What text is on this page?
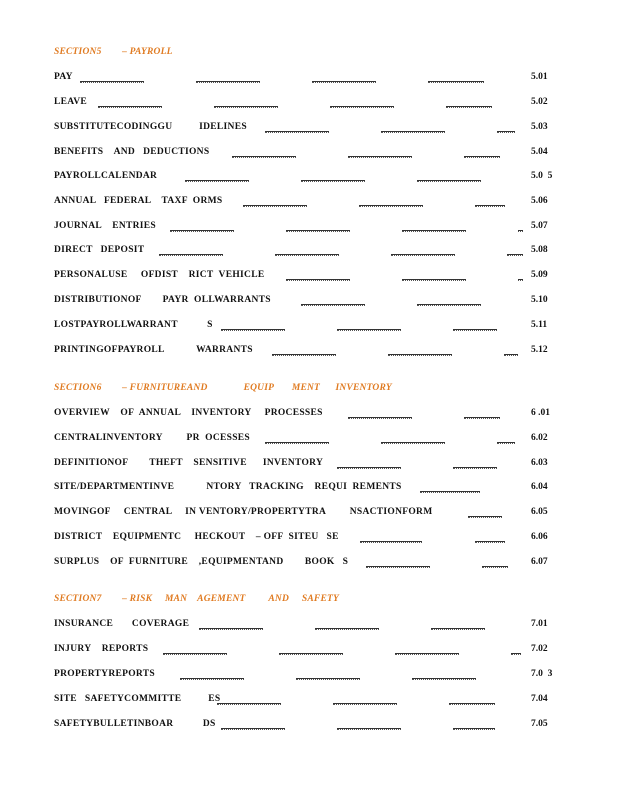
SECTION5        – PAYROLL
PAY	5.01
LEAVE	5.02
SUBSTITUTECODINGGU          IDELINES	5.03
BENEFITS    AND   DEDUCTIONS	5.04
PAYROLLCALENDAR	5.0  5
ANNUAL   FEDERAL    TAXF  ORMS	5.06
JOURNAL    ENTRIES	5.07
DIRECT   DEPOSIT	5.08
PERSONALUSE     OFDIST    RICT  VEHICLE	5.09
DISTRIBUTIONOF        PAYR  OLLWARRANTS	5.10
LOSTPAYROLLWARRANT           S	5.11
PRINTINGOFPAYROLL            WARRANTS	5.12
SECTION6        – FURNITUREAND              EQUIP       MENT      INVENTORY
OVERVIEW    OF  ANNUAL    INVENTORY     PROCESSES	6 .01
CENTRALINVENTORY         PR  OCESSES	6.02
DEFINITIONOF        THEFT    SENSITIVE      INVENTORY	6.03
SITE/DEPARTMENTINVE            NTORY   TRACKING    REQUI  REMENTS	6.04
MOVINGOF     CENTRAL     IN VENTORY/PROPERTYTRA         NSACTIONFORM	6.05
DISTRICT    EQUIPMENTC     HECKOUT    – OFF  SITEU   SE	6.06
SURPLUS    OF  FURNITURE    ,EQUIPMENTAND        BOOK   S	6.07
SECTION7        – RISK     MAN    AGEMENT         AND     SAFETY
INSURANCE       COVERAGE	7.01
INJURY    REPORTS	7.02
PROPERTYREPORTS	7.0  3
SITE   SAFETYCOMMITTE          ES	7.04
SAFETYBULLETINBOAR           DS	7.05
